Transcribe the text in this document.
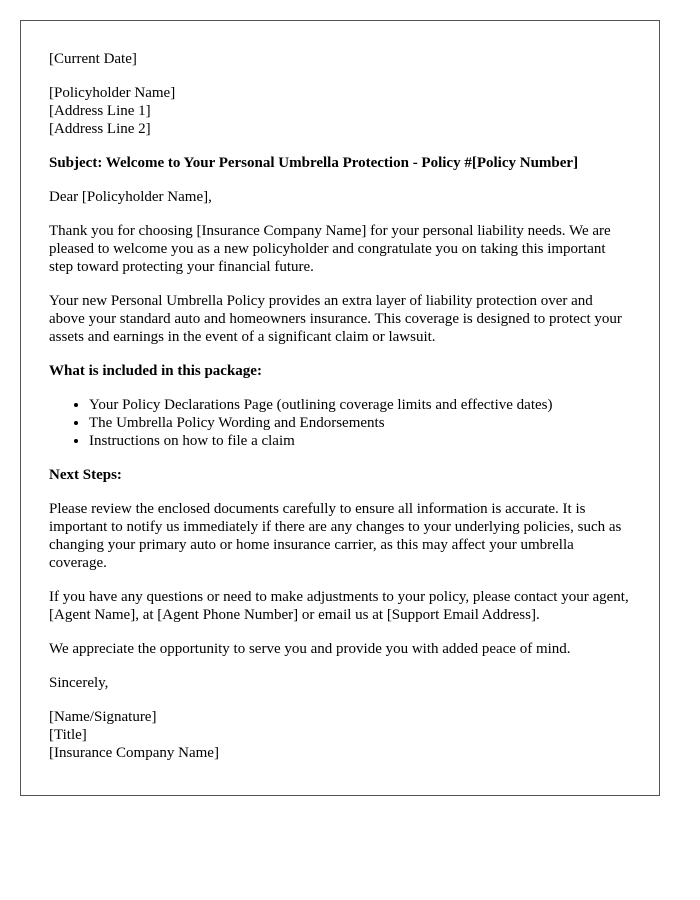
[Current Date]

[Policyholder Name]
[Address Line 1]
[Address Line 2]

Subject: Welcome to Your Personal Umbrella Protection - Policy #[Policy Number]

Dear [Policyholder Name],

Thank you for choosing [Insurance Company Name] for your personal liability needs. We are pleased to welcome you as a new policyholder and congratulate you on taking this important step toward protecting your financial future.

Your new Personal Umbrella Policy provides an extra layer of liability protection over and above your standard auto and homeowners insurance. This coverage is designed to protect your assets and earnings in the event of a significant claim or lawsuit.

What is included in this package:

• Your Policy Declarations Page (outlining coverage limits and effective dates)
• The Umbrella Policy Wording and Endorsements
• Instructions on how to file a claim

Next Steps:

Please review the enclosed documents carefully to ensure all information is accurate. It is important to notify us immediately if there are any changes to your underlying policies, such as changing your primary auto or home insurance carrier, as this may affect your umbrella coverage.

If you have any questions or need to make adjustments to your policy, please contact your agent, [Agent Name], at [Agent Phone Number] or email us at [Support Email Address].

We appreciate the opportunity to serve you and provide you with added peace of mind.

Sincerely,

[Name/Signature]
[Title]
[Insurance Company Name]
